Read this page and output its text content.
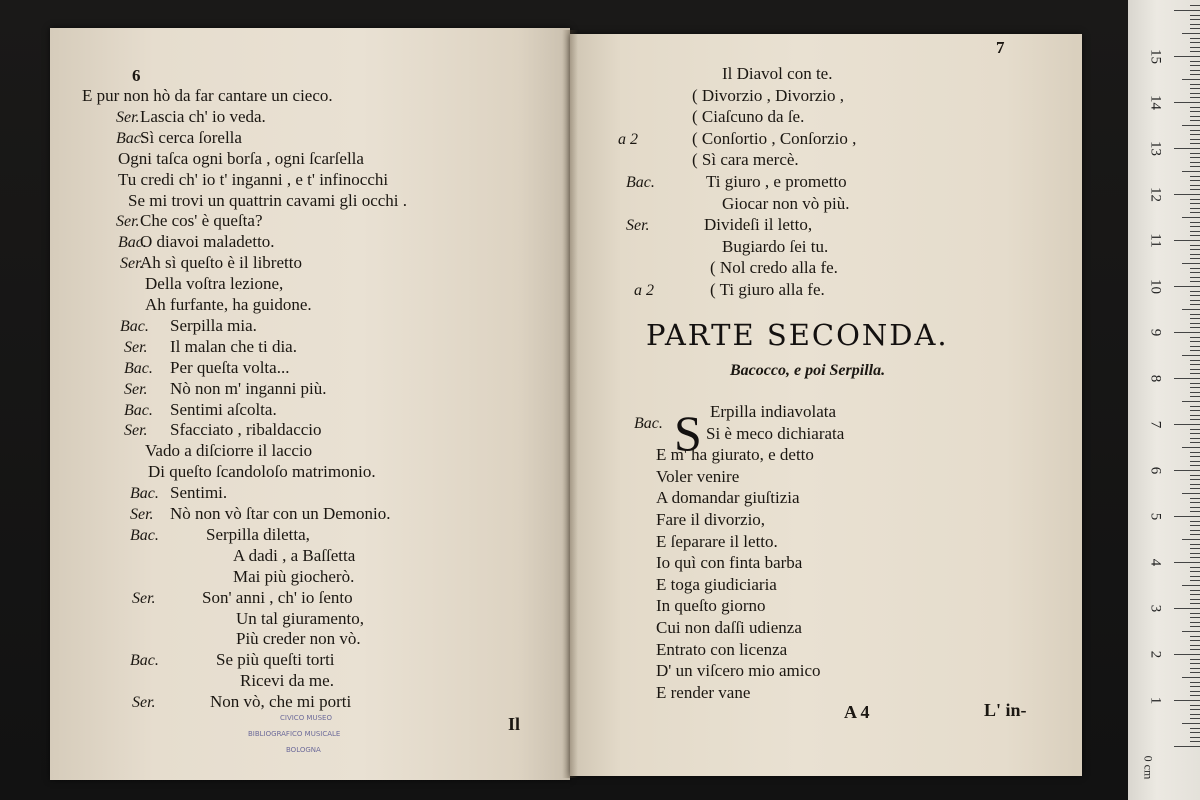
6
E pur non hò da far cantare un cieco.
Ser. Lascia ch' io veda.
Bac.
Sì cerca ſorella
Ogni taſca ogni borſa , ogni ſcarſella
Tu credi ch' io t' inganni , e t' infinocchi
Se mi trovi un quattrin cavami gli occhi .
Ser. Che cos' è queſta?
Bac.
O diavoi maladetto.
Ser.
Ah sì queſto è il libretto
Della voſtra lezione,
Ah furfante, ha guidone.
Bac. Serpilla mia.
Ser. Il malan che ti dia.
Bac. Per queſta volta...
Ser. Nò non m' inganni più.
Bac. Sentimi aſcolta.
Ser. Sfacciato , ribaldaccio
Vado a diſciorre il laccio
Di queſto ſcandoloſo matrimonio.
Bac. Sentimi.
Ser. Nò non vò ſtar con un Demonio.
Bac.	Serpilla diletta,
A dadi , a Baſſetta
Mai più giocherò.
Ser.	Son' anni , ch' io ſento
Un tal giuramento,
Più creder non vò.
Bac.	Se più queſti torti
Ricevi da me.
Ser.	Non vò, che mi porti
Il
CIVICO MUSEO
BIBLIOGRAFICO MUSICALE
BOLOGNA
7
Il Diavol con te.
( Divorzio , Divorzio ,
( Ciaſcuno da ſe.
a 2	( Conſortio , Conſorzio ,
( Sì cara mercè.
Bac.	Ti giuro , e prometto
Giocar non vò più.
Ser.	Divideſi il letto,
Bugiardo ſei tu.
( Nol credo alla fe.
a 2	( Ti giuro alla fe.
PARTE SECONDA.
Bacocco, e poi Serpilla.
Bac. S Erpilla indiavolata
Si è meco dichiarata
E m' ha giurato, e detto
Voler venire
A domandar giuſtizia
Fare il divorzio,
E ſeparare il letto.
Io quì con finta barba
E toga giudiciaria
In queſto giorno
Cui non daſſi udienza
Entrato con licenza
D' un viſcero mio amico
E render vane
A 4	L' in-
0 cm
15
14
13
12
11
10
9
8
7
6
5
4
3
2
1
